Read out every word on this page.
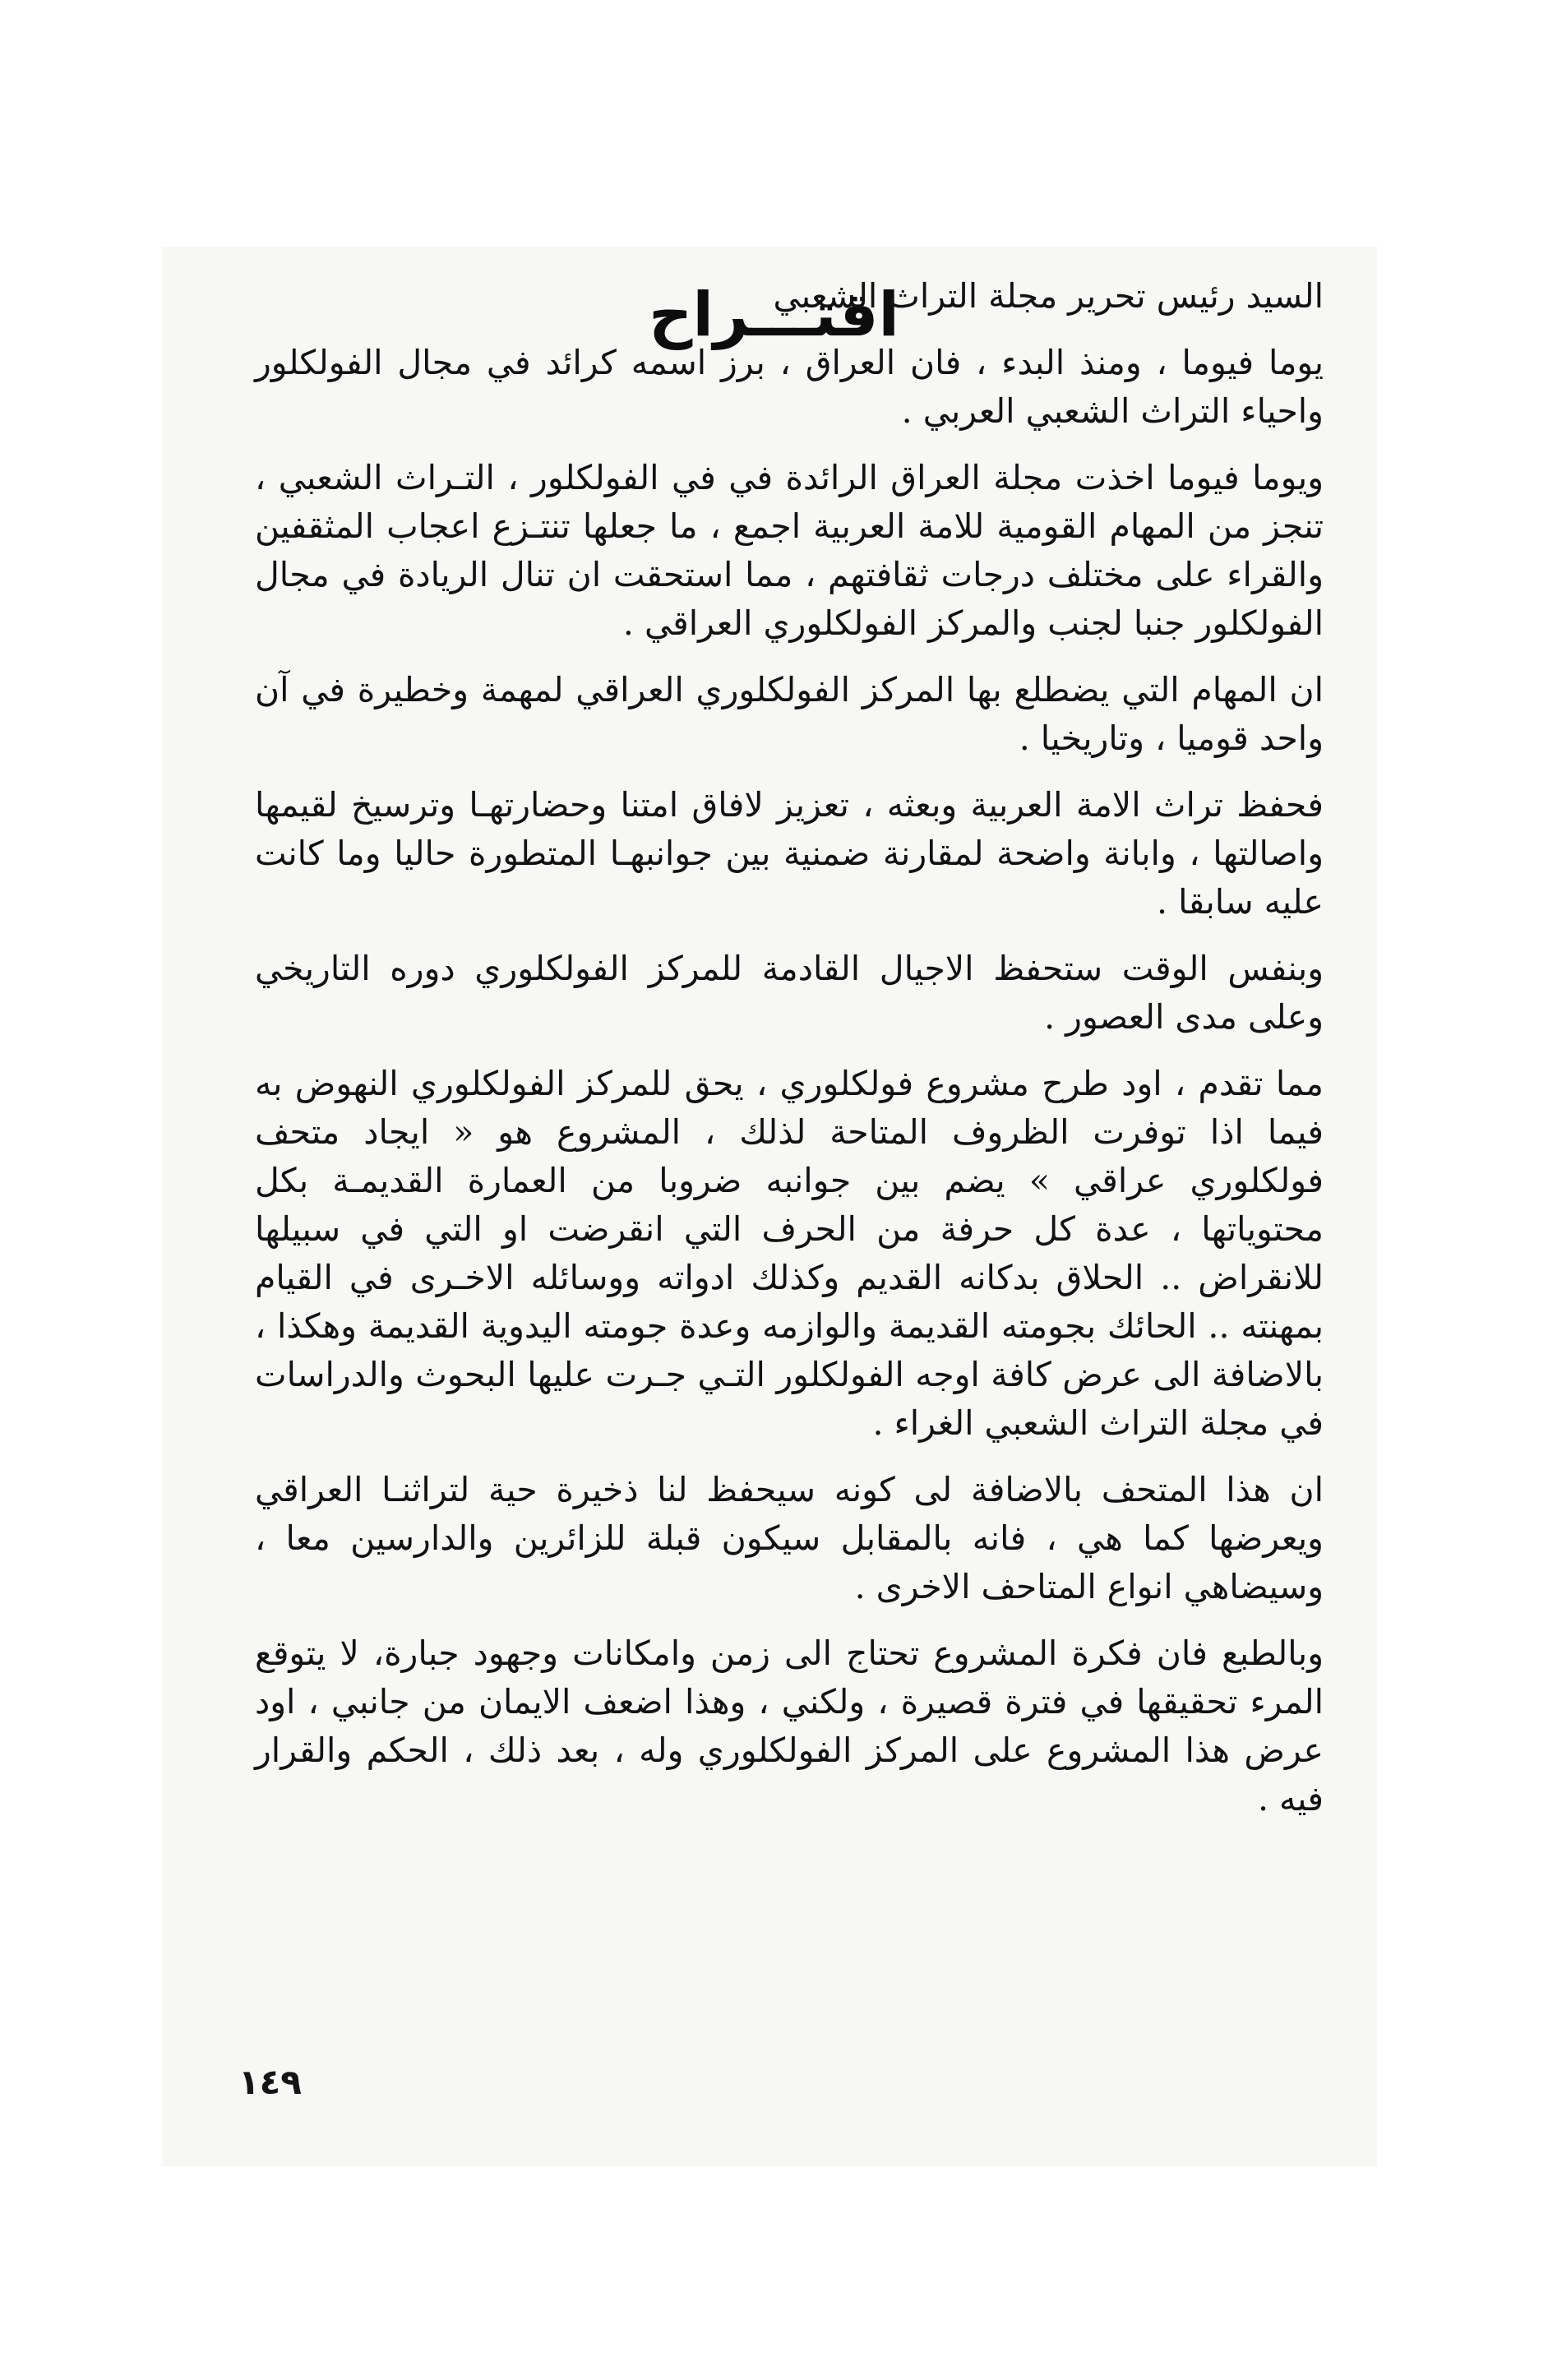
اقتـــراح

السيد رئيس تحرير مجلة التراث الشعبي

يوما فيوما ، ومنذ البدء ، فان العراق ، برز اسمه كرائد في مجال الفولكلور واحياء التراث الشعبي العربي .

ويوما فيوما اخذت مجلة العراق الرائدة في في الفولكلور ، التـراث الشعبي ، تنجز من المهام القومية للامة العربية اجمع ، ما جعلها تنتـزع اعجاب المثقفين والقراء على مختلف درجات ثقافتهم ، مما استحقت ان تنال الريادة في مجال الفولكلور جنبا لجنب والمركز الفولكلوري العراقي .

ان المهام التي يضطلع بها المركز الفولكلوري العراقي لمهمة وخطيرة في آن واحد قوميا ، وتاريخيا .

فحفظ تراث الامة العربية وبعثه ، تعزيز لافاق امتنا وحضارتهـا وترسيخ لقيمها واصالتها ، وابانة واضحة لمقارنة ضمنية بين جوانبهـا المتطورة حاليا وما كانت عليه سابقا .

وبنفس الوقت ستحفظ الاجيال القادمة للمركز الفولكلوري دوره التاريخي وعلى مدى العصور .

مما تقدم ، اود طرح مشروع فولكلوري ، يحق للمركز الفولكلوري النهوض به فيما اذا توفرت الظروف المتاحة لذلك ، المشروع هو « ايجاد متحف فولكلوري عراقي » يضم بين جوانبه ضروبا من العمارة القديمـة بكل محتوياتها ، عدة كل حرفة من الحرف التي انقرضت او التي في سبيلها للانقراض .. الحلاق بدكانه القديم وكذلك ادواته ووسائله الاخـرى في القيام بمهنته .. الحائك بجومته القديمة والوازمه وعدة جومته اليدوية القديمة وهكذا ، بالاضافة الى عرض كافة اوجه الفولكلور التـي جـرت عليها البحوث والدراسات في مجلة التراث الشعبي الغراء .

ان هذا المتحف بالاضافة لى كونه سيحفظ لنا ذخيرة حية لتراثنـا العراقي ويعرضها كما هي ، فانه بالمقابل سيكون قبلة للزائرين والدارسين معا ، وسيضاهي انواع المتاحف الاخرى .

وبالطبع فان فكرة المشروع تحتاج الى زمن وامكانات وجهود جبارة، لا يتوقع المرء تحقيقها في فترة قصيرة ، ولكني ، وهذا اضعف الايمان من جانبي ، اود عرض هذا المشروع على المركز الفولكلوري وله ، بعد ذلك ، الحكم والقرار فيه .

١٤٩
